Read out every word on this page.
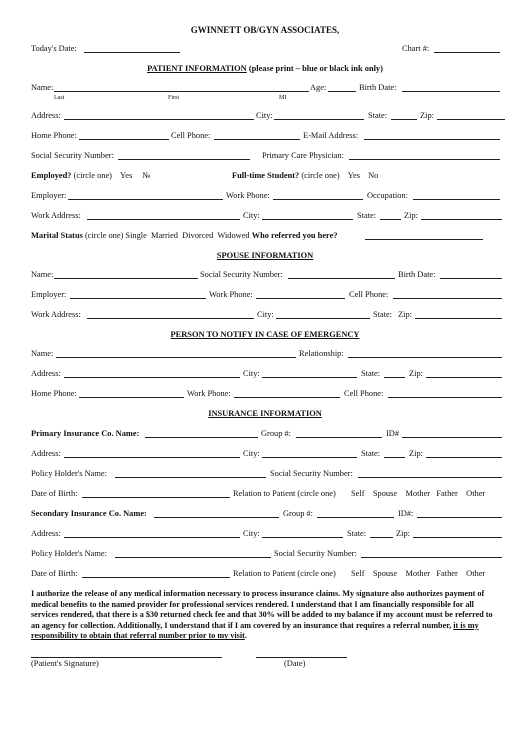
GWINNETT OB/GYN ASSOCIATES,
Today's Date:	Chart #:
PATIENT INFORMATION (please print – blue or black ink only)
Name:	Age:	Birth Date:
Last	First	MI
Address:	City:	State:	Zip:
Home Phone:	Cell Phone:	E-Mail Address:
Social Security Number:	Primary Care Physician:
Employed? (circle one) Yes №	Full-time Student? (circle one) Yes No
Employer:	Work Phone:	Occupation:
Work Address:	City:	State:	Zip:
Marital Status (circle one) Single  Married  Divorced  Widowed Who referred you here?
SPOUSE INFORMATION
Name:	Social Security Number:	Birth Date:
Employer:	Work Phone:	Cell Phone:
Work Address:	City:	State: Zip:
PERSON TO NOTIFY IN CASE OF EMERGENCY
Name:	Relationship:
Address:	City:	State:	Zip:
Home Phone:	Work Phone:	Cell Phone:
INSURANCE INFORMATION
Primary Insurance Co. Name:	Group #:	ID#
Address:	City:	State:	Zip:
Policy Holder's Name:	Social Security Number:
Date of Birth:	Relation to Patient (circle one) Self    Spouse    Mother   Father    Other
Secondary Insurance Co. Name:	Group #:	ID#:
Address:	City:	State:	Zip:
Policy Holder's Name:	Social Security Number:
Date of Birth:	Relation to Patient (circle one) Self    Spouse    Mother   Father    Other
I authorize the release of any medical information necessary to process insurance claims. My signature also authorizes payment of medical benefits to the named provider for professional services rendered. I understand that I am financially responsible for all services rendered, that there is a $30 returned check fee and that 30% will be added to my balance if my account must be referred to an agency for collection. Additionally, I understand that if I am covered by an insurance that requires a referral number, it is my responsibility to obtain that referral number prior to my visit.
(Patient's Signature)	(Date)
